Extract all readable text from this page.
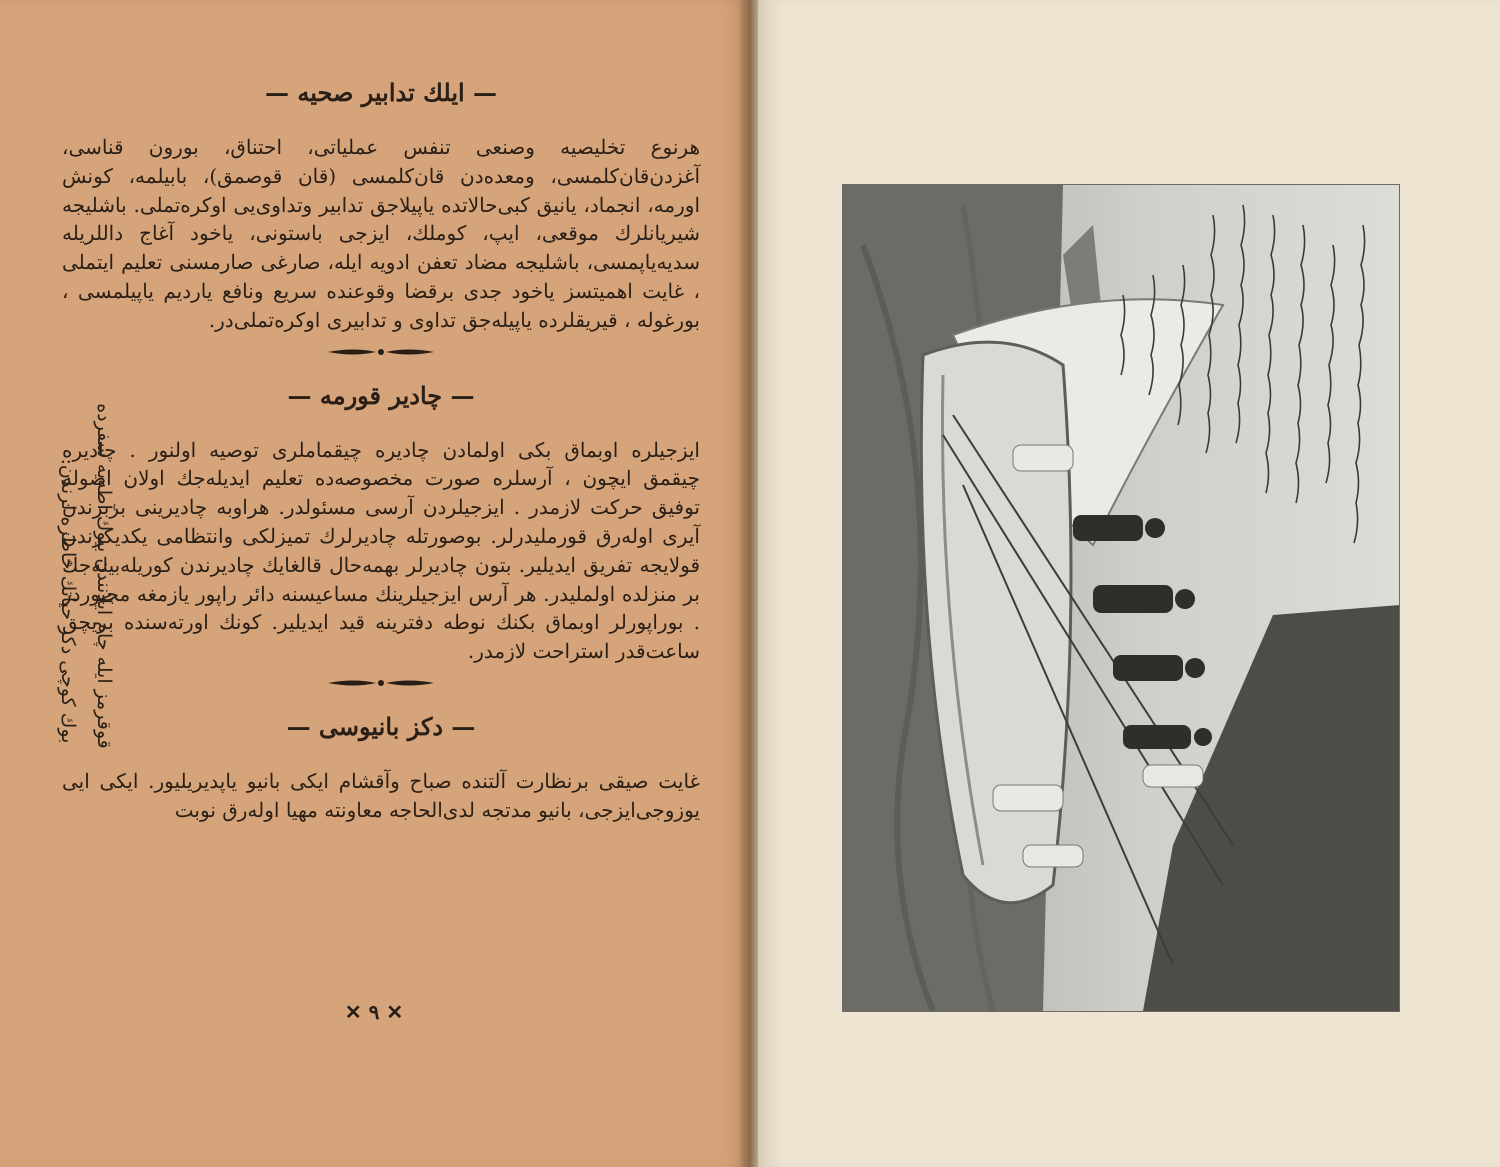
— ایلك تدابیر صحیه —

هرنوع تخلیصیه وصنعی تنفس عملیاتی، احتناق، بورون قناسی، آغزدن‌قان‌کلمسی، ومعده‌دن قان‌کلمسی (قان قوصمق)، بابیلمه، کونش اورمه، انجماد، یانیق کبی‌حالاتده یاپیلاجق تدابیر وتداوی‌یی اوکره‌تملی. باشلیجه شیریانلرك موقعی، ایپ، کوملك، ایزجی باستونی، یاخود آغاج داللریله سدیه‌یاپمسی، باشلیجه مضاد تعفن ادویه ایله، صارغی صارمسنی تعلیم ایتملی ، غایت اهمیتسز یاخود جدی برقضا وقوعنده سریع ونافع یاردیم یاپیلمسی ، بورغوله ، قیریقلرده یاپیله‌جق تداوی و تدابیری اوکره‌تملی‌در.

— چادیر قورمه —

ایزجیلره اوبماق بکی اولمادن چادیره چیقماملری توصیه اولنور . چادیره چیقمق ایچون ، آرسلره صورت مخصوصه‌ده تعلیم ایدیله‌جك اولان اصوله توفیق حرکت لازمدر . ایزجیلردن آرسی مسئولدر. هراوبه چادیرینی بربرندن آیری اوله‌رق قورملیدرلر. بوصورتله چادیرلرك تمیزلکی وانتظامی یکدیکرندن قولایجه تفریق ایدیلیر. بتون چادیرلر بهمه‌حال قالغایك چادیرندن کوریله‌بیله‌جك بر منزلده اولملیدر. هر آرس ایزجیلرینك مساعیسنه دائر راپور یازمغه مجبوردر . بوراپورلر اوبماق بکنك نوطه دفترینه قید ایدیلیر. کونك اورته‌سنده بریچق ساعت‌قدر استراحت لازمدر.

— دکز بانیوسی —

غایت صیقی برنظارت آلتنده صباح وآقشام ایکی بانیو یاپدیریلیور. ایکی ایی یوزوجی‌ایزجی، بانیو مدتجه لدی‌الحاجه معاونته مهیا اوله‌رق نوبت

✕ ۹ ✕
قوقرمز ایله چام ایلانندن بیوك آطه‌یه سفرده
بوك کوچی دکز حیاتك خاطره لرندن:
